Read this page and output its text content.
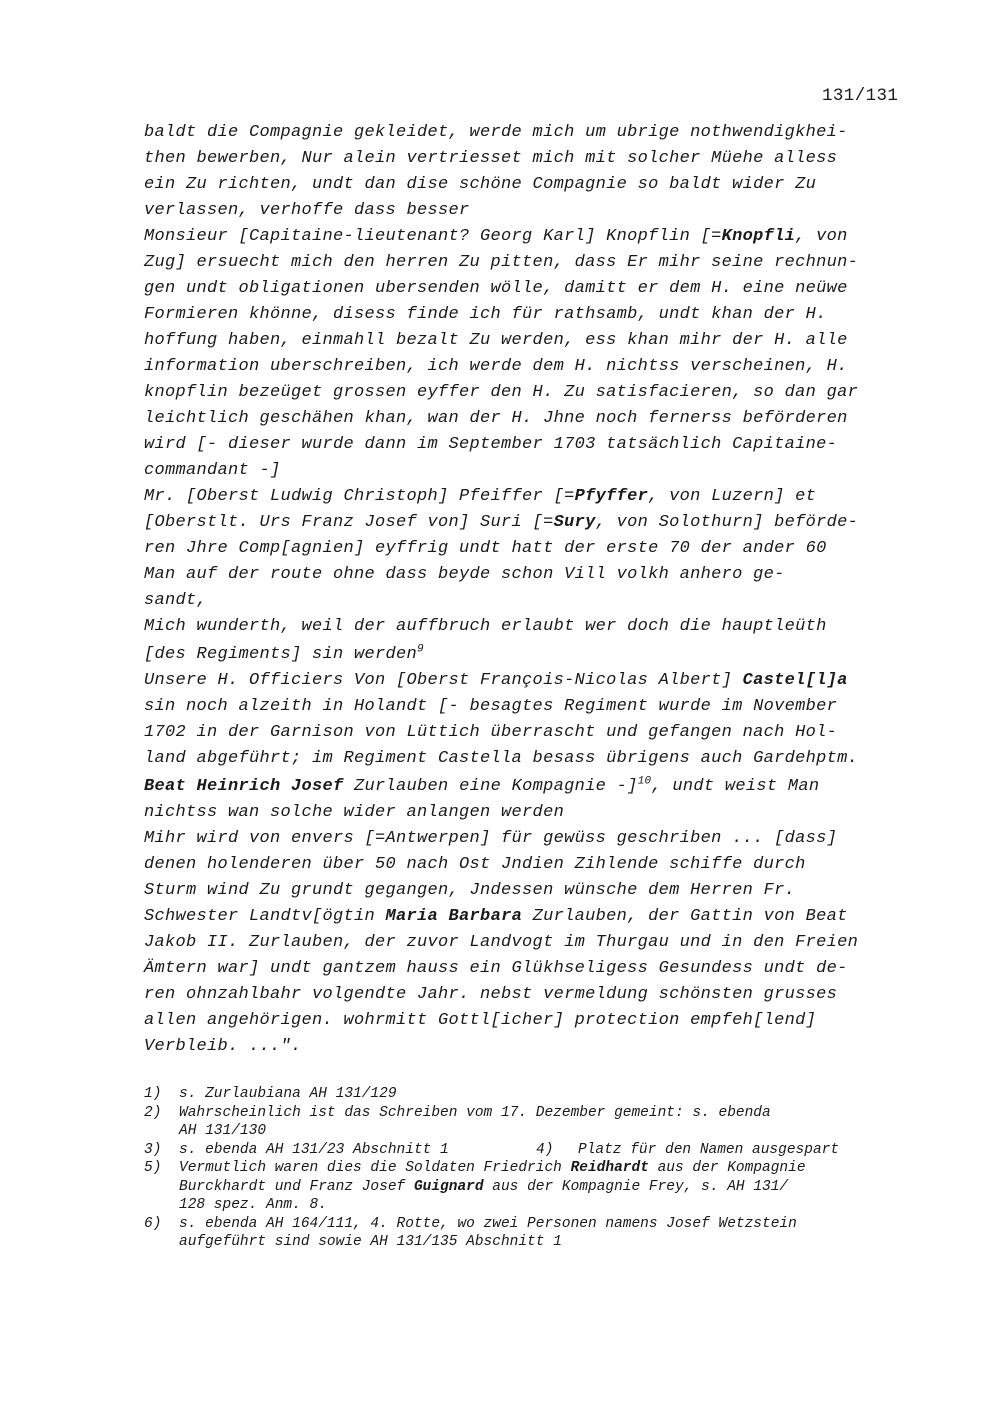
131/131
baldt die Compagnie gekleidet, werde mich um ubrige nothwendigkhei-
then bewerben, Nur alein vertriesset mich mit solcher Müehe alless
ein Zu richten, undt dan dise schöne Compagnie so baldt wider Zu
verlassen, verhoffe dass besser
Monsieur [Capitaine-lieutenant? Georg Karl] Knopflin [=Knopfli, von
Zug] ersuecht mich den herren Zu pitten, dass Er mihr seine rechnun-
gen undt obligationen ubersenden wölle, damitt er dem H. eine neüwe
Formieren khönne, disess finde ich für rathsamb, undt khan der H.
hoffung haben, einmahll bezalt Zu werden, ess khan mihr der H. alle
information uberschreiben, ich werde dem H. nichtss verscheinen, H.
knopflin bezeüget grossen eyffer den H. Zu satisfacieren, so dan gar
leichtlich geschähen khan, wan der H. Jhne noch fernerss beförderen
wird [- dieser wurde dann im September 1703 tatsächlich Capitaine-
commandant -]
Mr. [Oberst Ludwig Christoph] Pfeiffer [=Pfyffer, von Luzern] et
[Oberstlt. Urs Franz Josef von] Suri [=Sury, von Solothurn] beförde-
ren Jhre Comp[agnien] eyffrig undt hatt der erste 70 der ander 60
Man auf der route ohne dass beyde schon Vill volkh anhero ge-
sandt,
Mich wunderth, weil der auffbruch erlaubt wer doch die hauptleüth
[des Regiments] sin werden$^9$
Unsere H. Officiers Von [Oberst François-Nicolas Albert] Castel[l]a
sin noch alzeith in Holandt [- besagtes Regiment wurde im November
1702 in der Garnison von Lüttich überrascht und gefangen nach Hol-
land abgeführt; im Regiment Castella besass übrigens auch Gardehptm.
Beat Heinrich Josef Zurlauben eine Kompagnie -]$^{10}$, undt weist Man
nichtss wan solche wider anlangen werden
Mihr wird von envers [=Antwerpen] für gewüss geschriben ... [dass]
denen holenderen über 50 nach Ost Jndien Zihlende schiffe durch
Sturm wind Zu grundt gegangen, Jndessen wünsche dem Herren Fr.
Schwester Landtv[ögtin Maria Barbara Zurlauben, der Gattin von Beat
Jakob II. Zurlauben, der zuvor Landvogt im Thurgau und in den Freien
Ämtern war] undt gantzem hauss ein Glükhseligess Gesundess undt de-
ren ohnzahlbahr volgendte Jahr. nebst vermeldung schönsten grusses
allen angehörigen. wohrmitt Gottl[icher] protection empfeh[lend]
Verbleib. ...".
1) s. Zurlaubiana AH 131/129
2) Wahrscheinlich ist das Schreiben vom 17. Dezember gemeint: s. ebenda
AH 131/130
3) s. ebenda AH 131/23 Abschnitt 1	4) Platz für den Namen ausgespart
5) Vermutlich waren dies die Soldaten Friedrich Reidhardt aus der Kompagnie
Burckhardt und Franz Josef Guignard aus der Kompagnie Frey, s. AH 131/
128 spez. Anm. 8.
6) s. ebenda AH 164/111, 4. Rotte, wo zwei Personen namens Josef Wetzstein
aufgeführt sind sowie AH 131/135 Abschnitt 1
